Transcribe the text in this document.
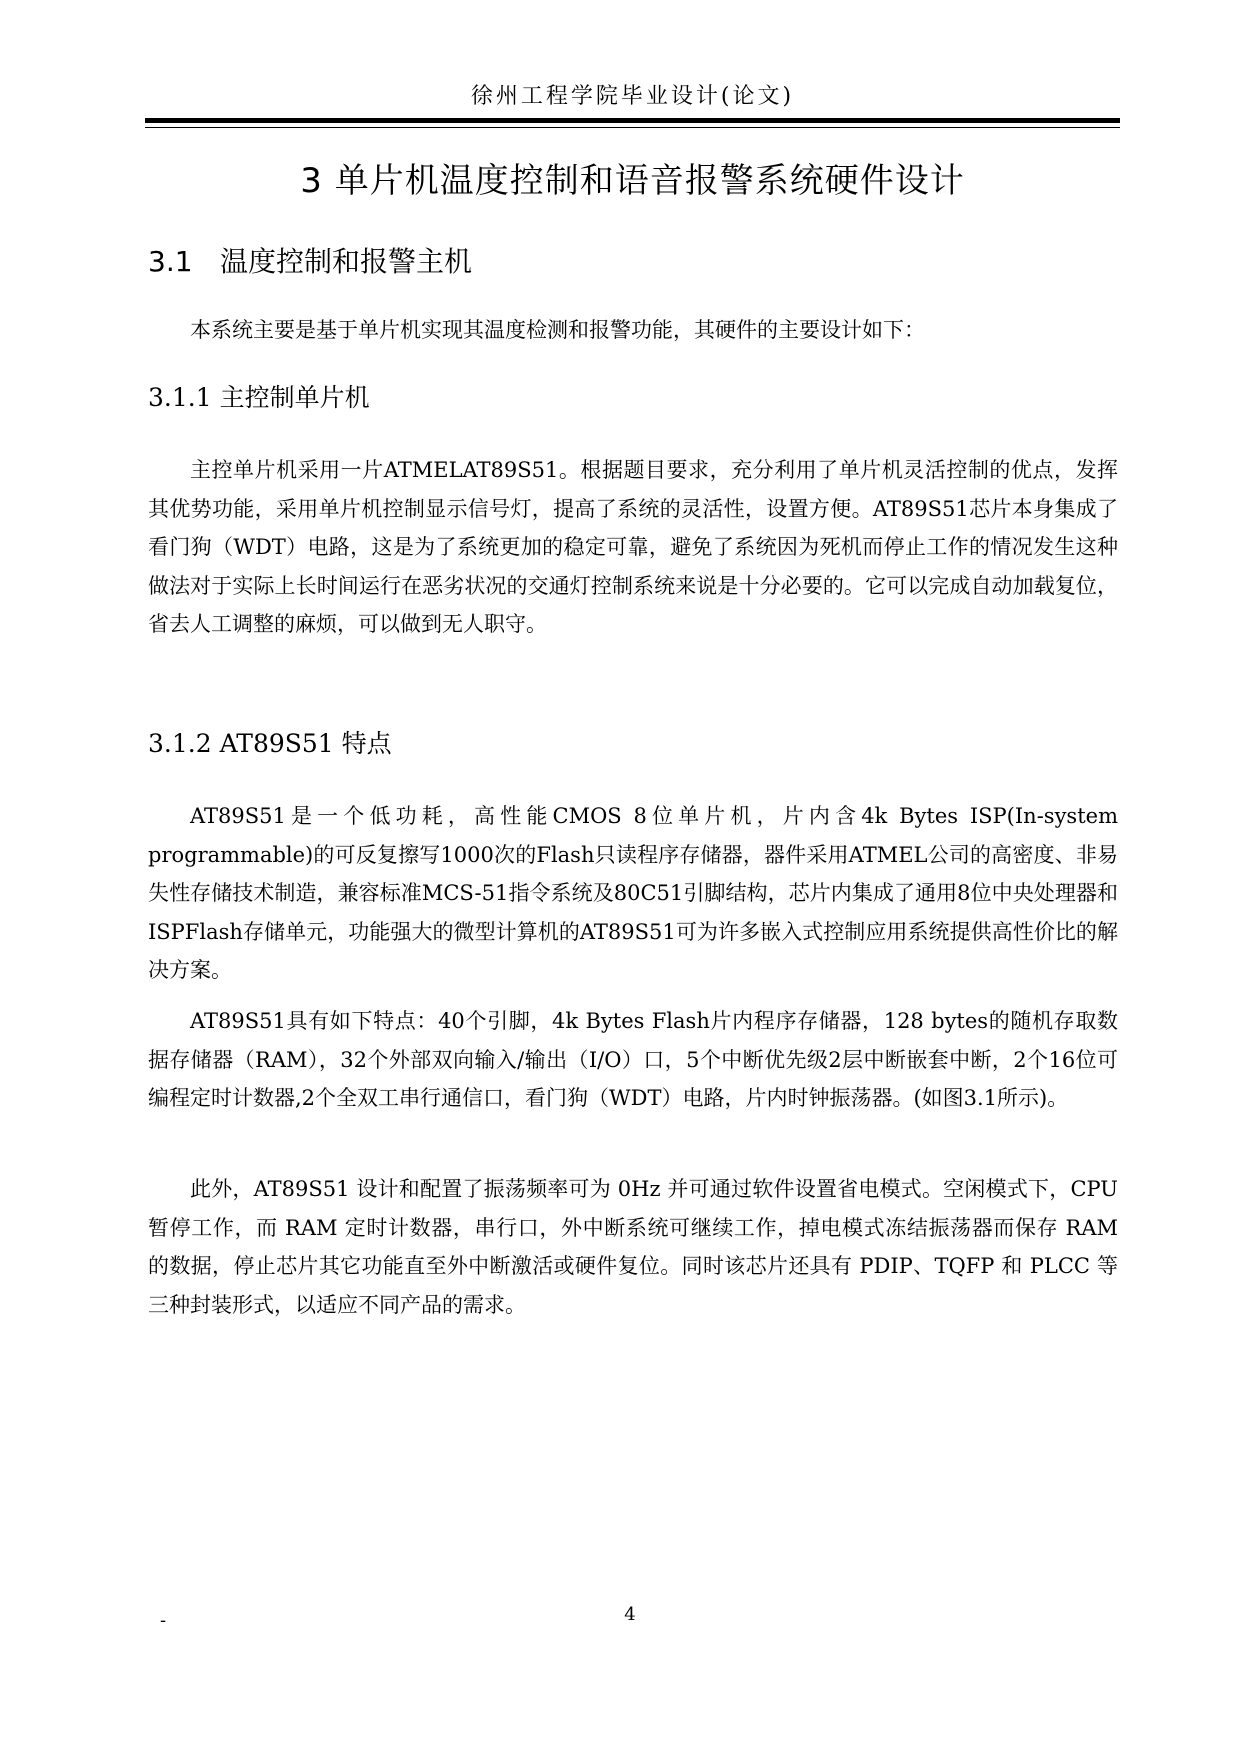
徐州工程学院毕业设计(论文)
3 单片机温度控制和语音报警系统硬件设计
3.1 温度控制和报警主机
本系统主要是基于单片机实现其温度检测和报警功能，其硬件的主要设计如下：
3.1.1 主控制单片机
主控单片机采用一片ATMELAT89S51。根据题目要求，充分利用了单片机灵活控制的优点，发挥其优势功能，采用单片机控制显示信号灯，提高了系统的灵活性，设置方便。AT89S51芯片本身集成了看门狗（WDT）电路，这是为了系统更加的稳定可靠，避免了系统因为死机而停止工作的情况发生这种做法对于实际上长时间运行在恶劣状况的交通灯控制系统来说是十分必要的。它可以完成自动加载复位，省去人工调整的麻烦，可以做到无人职守。
3.1.2 AT89S51 特点
AT89S51是一个低功耗，高性能CMOS 8位单片机，片内含4k Bytes ISP(In-system programmable)的可反复擦写1000次的Flash只读程序存储器，器件采用ATMEL公司的高密度、非易失性存储技术制造，兼容标准MCS-51指令系统及80C51引脚结构，芯片内集成了通用8位中央处理器和ISPFlash存储单元，功能强大的微型计算机的AT89S51可为许多嵌入式控制应用系统提供高性价比的解决方案。
AT89S51具有如下特点：40个引脚，4k Bytes Flash片内程序存储器，128 bytes的随机存取数据存储器（RAM），32个外部双向输入/输出（I/O）口，5个中断优先级2层中断嵌套中断，2个16位可编程定时计数器,2个全双工串行通信口，看门狗（WDT）电路，片内时钟振荡器。(如图3.1所示)。
此外，AT89S51 设计和配置了振荡频率可为 0Hz 并可通过软件设置省电模式。空闲模式下，CPU 暂停工作，而 RAM 定时计数器，串行口，外中断系统可继续工作，掉电模式冻结振荡器而保存 RAM 的数据，停止芯片其它功能直至外中断激活或硬件复位。同时该芯片还具有 PDIP、TQFP 和 PLCC 等三种封装形式，以适应不同产品的需求。
-	4
